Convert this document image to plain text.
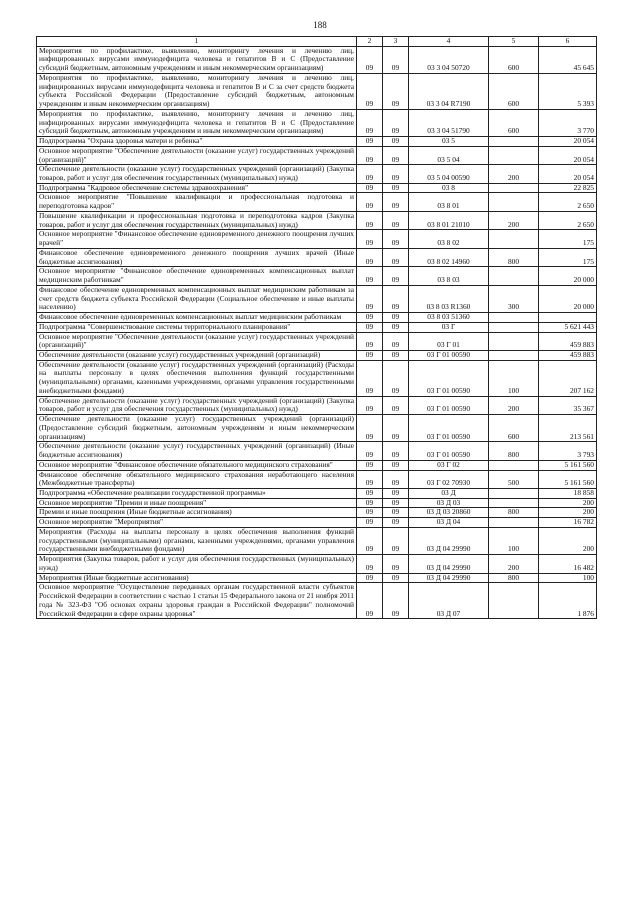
188
1	2	3	4	5	6
Мероприятия по профилактике, выявлению, мониторингу лечения и лечению лиц, инфицированных вирусами иммунодефицита человека и гепатитов В и С (Предоставление субсидий бюджетным, автономным учреждениям и иным некоммерческим организациям)	09	09	03 3 04 50720	600	45 645
Мероприятия по профилактике, выявлению, мониторингу лечения и лечению лиц, инфицированных вирусами иммунодефицита человека и гепатитов В и С за счет средств бюджета субъекта Российской Федерации (Предоставление субсидий бюджетным, автономным учреждениям и иным некоммерческим организациям)	09	09	03 3 04 R7190	600	5 393
Мероприятия по профилактике, выявлению, мониторингу лечения и лечению лиц, инфицированных вирусами иммунодефицита человека и гепатитов В и С (Предоставление субсидий бюджетным, автономным учреждениям и иным некоммерческим организациям)	09	09	03 3 04 51790	600	3 770
Подпрограмма "Охрана здоровья матери и ребенка"	09	09	03 5		20 054
Основное мероприятие "Обеспечение деятельности (оказание услуг) государственных учреждений (организаций)"	09	09	03 5 04		20 054
Обеспечение деятельности (оказание услуг) государственных учреждений (организаций) (Закупка товаров, работ и услуг для обеспечения государственных (муниципальных) нужд)	09	09	03 5 04 00590	200	20 054
Подпрограмма "Кадровое обеспечение системы здравоохранения"	09	09	03 8		22 825
Основное мероприятие "Повышение квалификации и профессиональная подготовка и переподготовка кадров"	09	09	03 8 01		2 650
Повышение квалификации и профессиональная подготовка и переподготовка кадров (Закупка товаров, работ и услуг для обеспечения государственных (муниципальных) нужд)	09	09	03 8 01 21010	200	2 650
Основное мероприятие "Финансовое обеспечение единовременного денежного поощрения лучших врачей"	09	09	03 8 02		175
Финансовое обеспечение единовременного денежного поощрения лучших врачей (Иные бюджетные ассигнования)	09	09	03 8 02 14960	800	175
Основное мероприятие "Финансовое обеспечение единовременных компенсационных выплат медицинским работникам"	09	09	03 8 03		20 000
Финансовое обеспечение единовременных компенсационных выплат медицинским работникам за счет средств бюджета субъекта Российской Федерации (Социальное обеспечение и иные выплаты населению)	09	09	03 8 03 R1360	300	20 000
Финансовое обеспечение единовременных компенсационных выплат медицинским работникам	09	09	03 8 03 51360		
Подпрограмма "Совершенствование системы территориального планирования"	09	09	03 Г		5 621 443
Основное мероприятие "Обеспечение деятельности (оказание услуг) государственных учреждений (организаций)"	09	09	03 Г 01		459 883
Обеспечение деятельности (оказание услуг) государственных учреждений (организаций)	09	09	03 Г 01 00590		459 883
Обеспечение деятельности (оказание услуг) государственных учреждений (организаций) (Расходы на выплаты персоналу в целях обеспечения выполнения функций государственными (муниципальными) органами, казенными учреждениями, органами управления государственными внебюджетными фондами)	09	09	03 Г 01 00590	100	207 162
Обеспечение деятельности (оказание услуг) государственных учреждений (организаций) (Закупка товаров, работ и услуг для обеспечения государственных (муниципальных) нужд)	09	09	03 Г 01 00590	200	35 367
Обеспечение деятельности (оказание услуг) государственных учреждений (организаций) (Предоставление субсидий бюджетным, автономным учреждениям и иным некоммерческим организациям)	09	09	03 Г 01 00590	600	213 561
Обеспечение деятельности (оказание услуг) государственных учреждений (организаций) (Иные бюджетные ассигнования)	09	09	03 Г 01 00590	800	3 793
Основное мероприятие "Финансовое обеспечение обязательного медицинского страхования"	09	09	03 Г 02		5 161 560
Финансовое обеспечение обязательного медицинского страхования неработающего населения (Межбюджетные трансферты)	09	09	03 Г 02 70930	500	5 161 560
Подпрограмма «Обеспечение реализации государственной программы»	09	09	03 Д		18 858
Основное мероприятие "Премии и иные поощрения"	09	09	03 Д 03		200
Премии и иные поощрения (Иные бюджетные ассигнования)	09	09	03 Д 03 20860	800	200
Основное мероприятие "Мероприятия"	09	09	03 Д 04		16 782
Мероприятия (Расходы на выплаты персоналу в целях обеспечения выполнения функций государственными (муниципальными) органами, казенными учреждениями, органами управления государственными внебюджетными фондами)	09	09	03 Д 04 29990	100	200
Мероприятия (Закупка товаров, работ и услуг для обеспечения государственных (муниципальных) нужд)	09	09	03 Д 04 29990	200	16 482
Мероприятия (Иные бюджетные ассигнования)	09	09	03 Д 04 29990	800	100
Основное мероприятие "Осуществление переданных органам государственной власти субъектов Российской Федерации в соответствии с частью 1 статьи 15 Федерального закона от 21 ноября 2011 года № 323-ФЗ "Об основах охраны здоровья граждан в Российской Федерации" полномочий Российской Федерации в сфере охраны здоровья"	09	09	03 Д 07		1 876
